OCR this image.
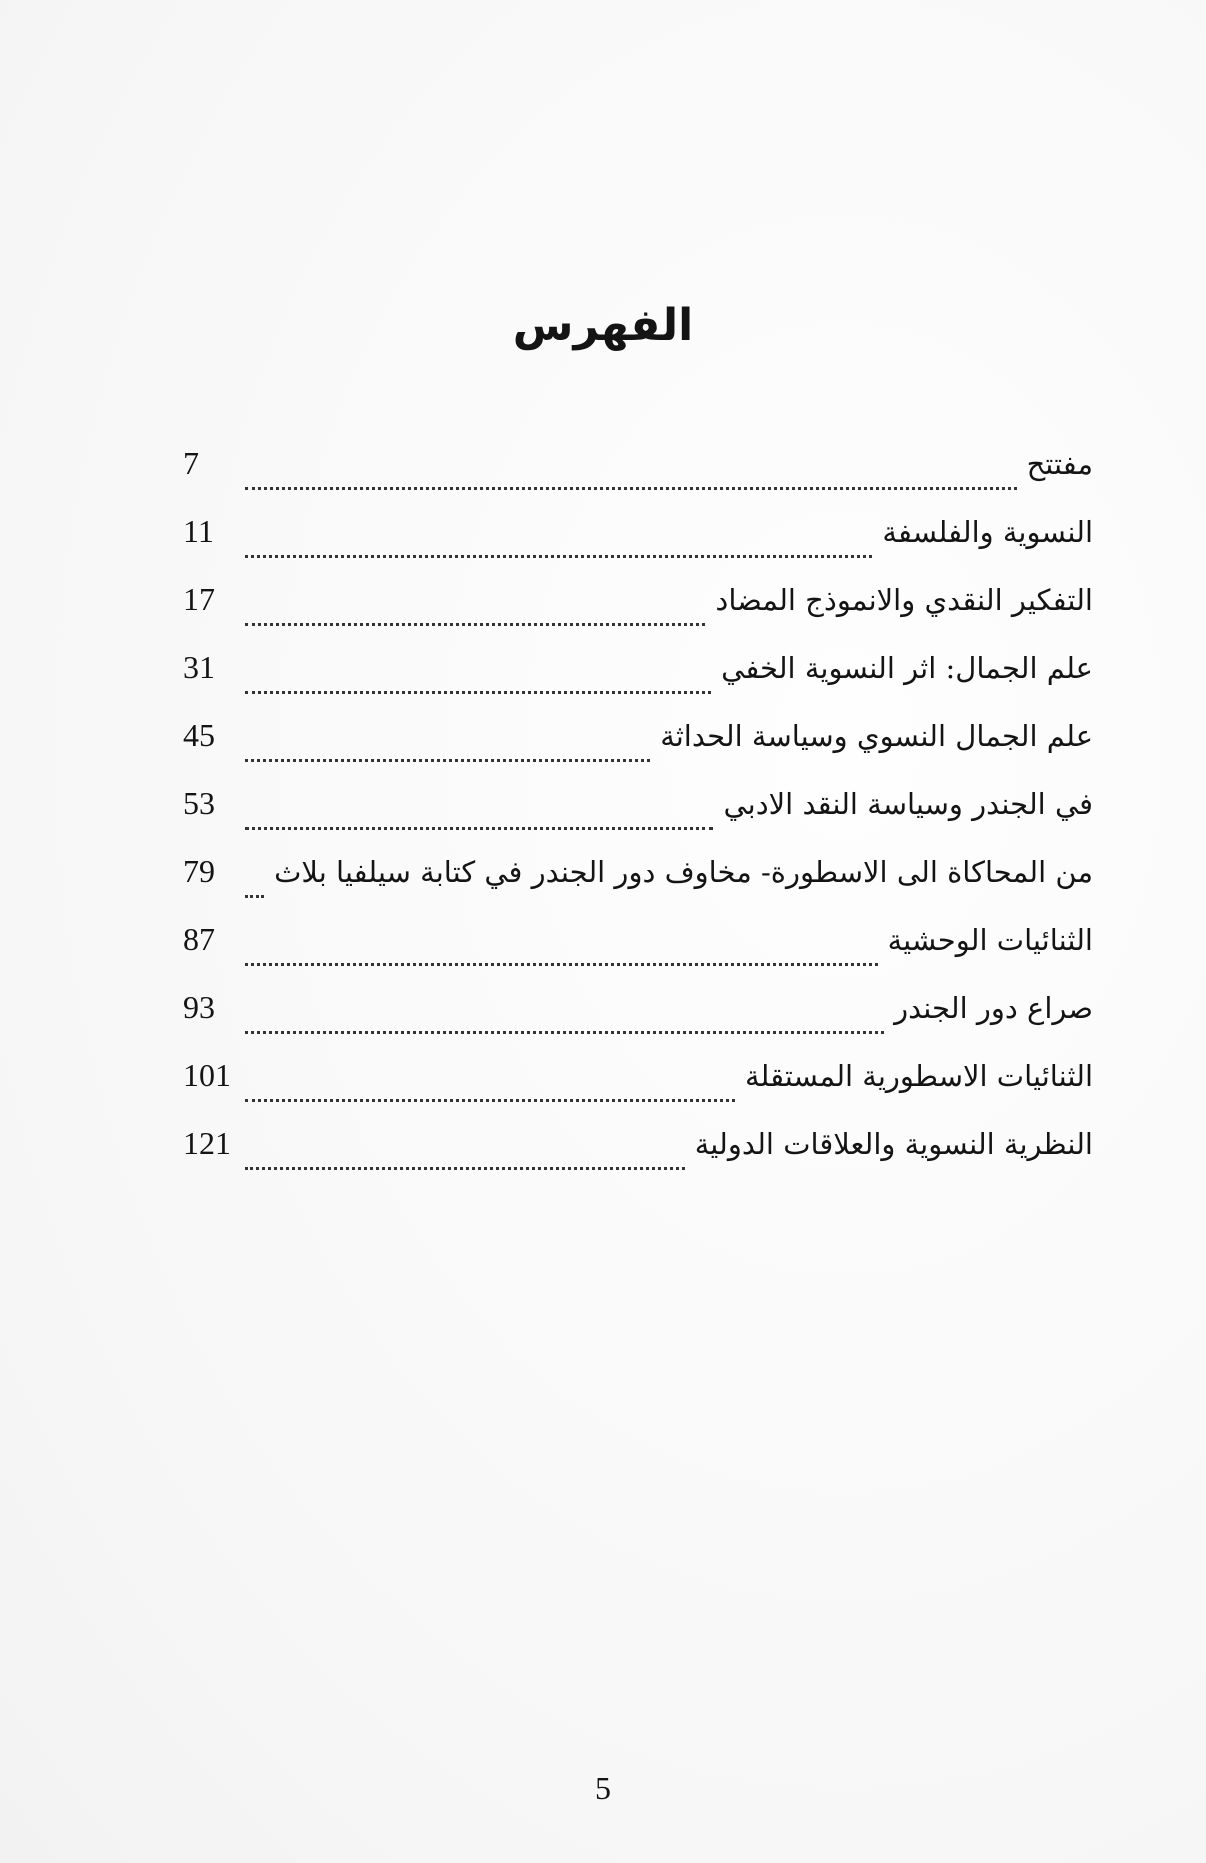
الفهرس
مفتتح
7
النسوية والفلسفة
11
التفكير النقدي والانموذج المضاد
17
علم الجمال: اثر النسوية الخفي
31
علم الجمال النسوي وسياسة الحداثة
45
في الجندر وسياسة النقد الادبي
53
من المحاكاة الى الاسطورة- مخاوف دور الجندر في كتابة سيلفيا بلاث
79
الثنائيات الوحشية
87
صراع دور الجندر
93
الثنائيات الاسطورية المستقلة
101
النظرية النسوية والعلاقات الدولية
121
5
